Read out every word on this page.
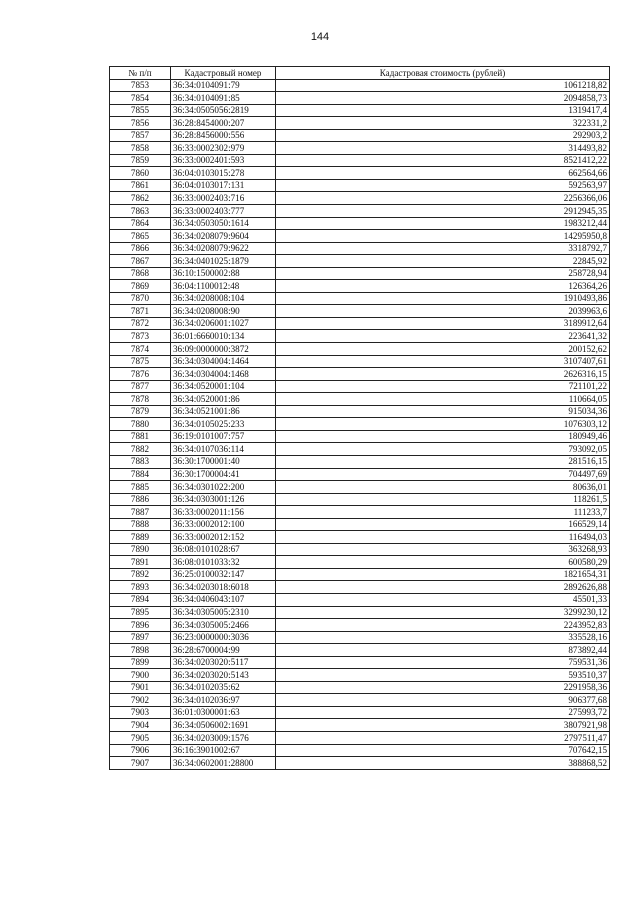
144
№ п/п	Кадастровый номер	Кадастровая стоимость (рублей)
7853	36:34:0104091:79	1061218,82
7854	36:34:0104091:85	2094858,73
7855	36:34:0505056:2819	1319417,4
7856	36:28:8454000:207	322331,2
7857	36:28:8456000:556	292903,2
7858	36:33:0002302:979	314493,82
7859	36:33:0002401:593	8521412,22
7860	36:04:0103015:278	662564,66
7861	36:04:0103017:131	592563,97
7862	36:33:0002403:716	2256366,06
7863	36:33:0002403:777	2912945,35
7864	36:34:0503050:1614	1983212,44
7865	36:34:0208079:9604	14295950,8
7866	36:34:0208079:9622	3318792,7
7867	36:34:0401025:1879	22845,92
7868	36:10:1500002:88	258728,94
7869	36:04:1100012:48	126364,26
7870	36:34:0208008:104	1910493,86
7871	36:34:0208008:90	2039963,6
7872	36:34:0206001:1027	3189912,64
7873	36:01:6660010:134	223641,32
7874	36:09:0000000:3872	200152,62
7875	36:34:0304004:1464	3107407,61
7876	36:34:0304004:1468	2626316,15
7877	36:34:0520001:104	721101,22
7878	36:34:0520001:86	110664,05
7879	36:34:0521001:86	915034,36
7880	36:34:0105025:233	1076303,12
7881	36:19:0101007:757	180949,46
7882	36:34:0107036:114	793092,05
7883	36:30:1700001:40	281516,15
7884	36:30:1700004:41	704497,69
7885	36:34:0301022:200	80636,01
7886	36:34:0303001:126	118261,5
7887	36:33:0002011:156	111233,7
7888	36:33:0002012:100	166529,14
7889	36:33:0002012:152	116494,03
7890	36:08:0101028:67	363268,93
7891	36:08:0101033:32	600580,29
7892	36:25:0100032:147	1821654,31
7893	36:34:0203018:6018	2892626,88
7894	36:34:0406043:107	45501,33
7895	36:34:0305005:2310	3299230,12
7896	36:34:0305005:2466	2243952,83
7897	36:23:0000000:3036	335528,16
7898	36:28:6700004:99	873892,44
7899	36:34:0203020:5117	759531,36
7900	36:34:0203020:5143	593510,37
7901	36:34:0102035:62	2291958,36
7902	36:34:0102036:97	906377,68
7903	36:01:0300001:63	275993,72
7904	36:34:0506002:1691	3807921,98
7905	36:34:0203009:1576	2797511,47
7906	36:16:3901002:67	707642,15
7907	36:34:0602001:28800	388868,52
